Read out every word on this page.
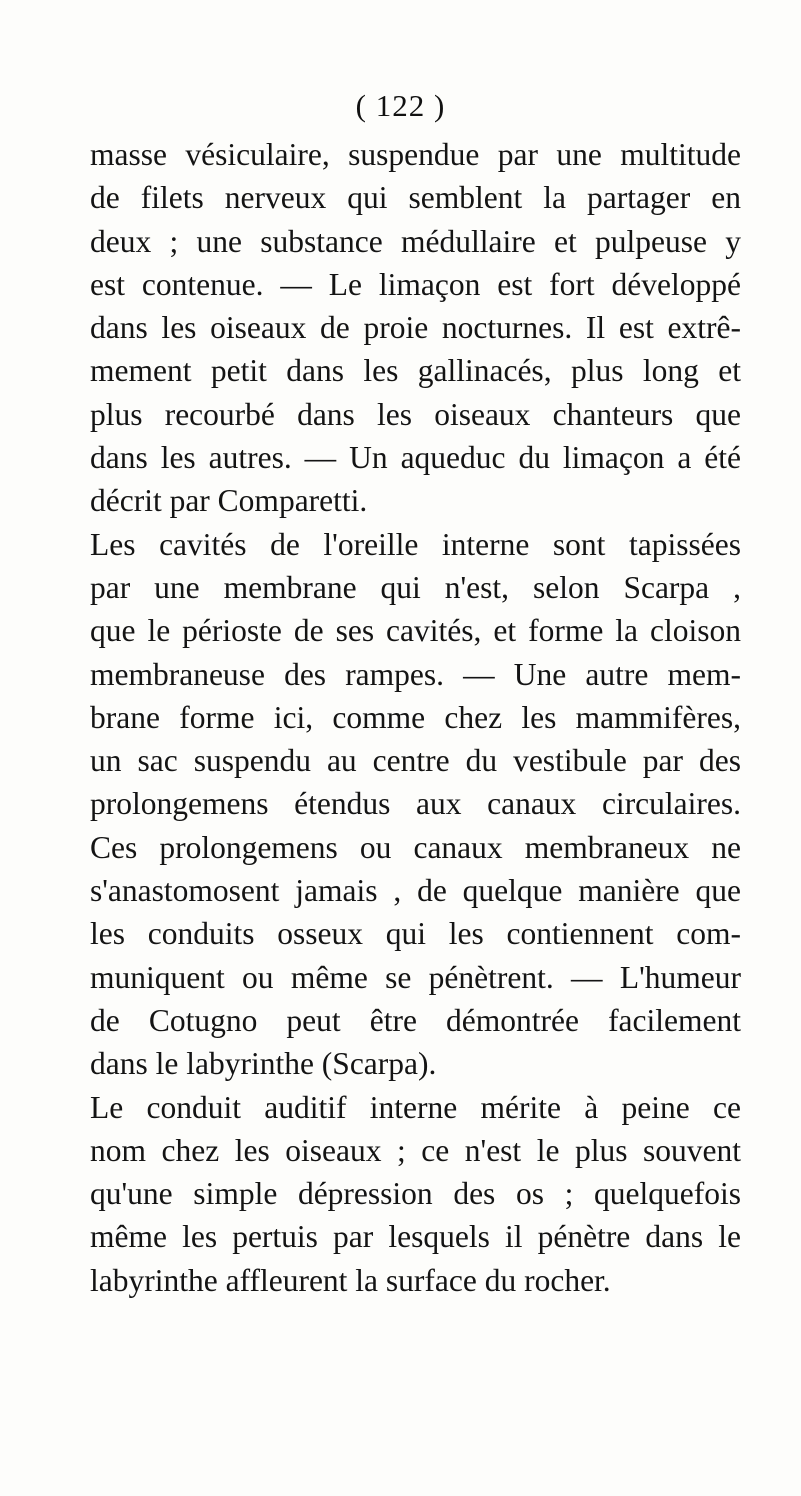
( 122 )
masse vésiculaire, suspendue par une multitude
de filets nerveux qui semblent la partager en
deux ; une substance médullaire et pulpeuse y
est contenue. — Le limaçon est fort développé
dans les oiseaux de proie nocturnes. Il est extrê-
mement petit dans les gallinacés, plus long et
plus recourbé dans les oiseaux chanteurs que
dans les autres. — Un aqueduc du limaçon a été
décrit par Comparetti.
Les cavités de l'oreille interne sont tapissées
par une membrane qui n'est, selon Scarpa ,
que le périoste de ses cavités, et forme la cloison
membraneuse des rampes. — Une autre mem-
brane forme ici, comme chez les mammifères,
un sac suspendu au centre du vestibule par des
prolongemens étendus aux canaux circulaires.
Ces prolongemens ou canaux membraneux ne
s'anastomosent jamais , de quelque manière que
les conduits osseux qui les contiennent com-
muniquent ou même se pénètrent. — L'humeur
de Cotugno peut être démontrée facilement
dans le labyrinthe (Scarpa).
Le conduit auditif interne mérite à peine ce
nom chez les oiseaux ; ce n'est le plus souvent
qu'une simple dépression des os ; quelquefois
même les pertuis par lesquels il pénètre dans le
labyrinthe affleurent la surface du rocher.
